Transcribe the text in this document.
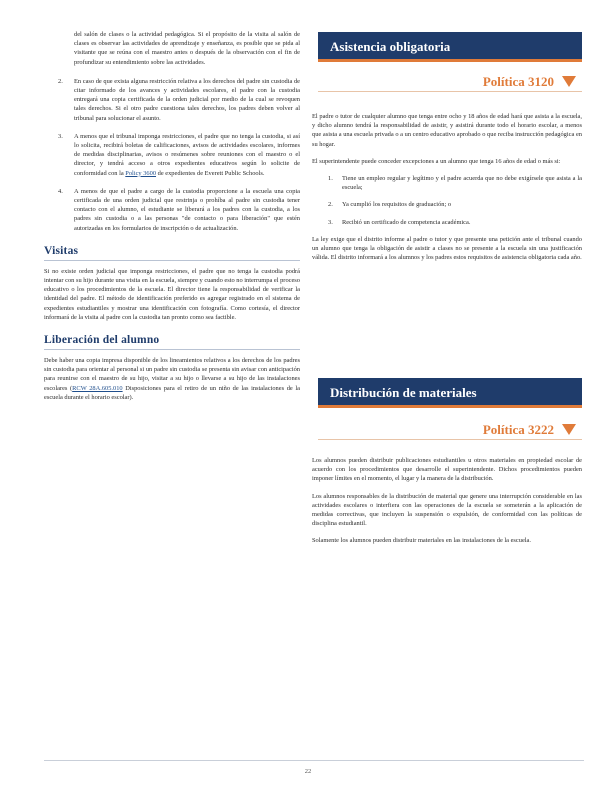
del salón de clases o la actividad pedagógica. Si el propósito de la visita al salón de clases es observar las actividades de aprendizaje y enseñanza, es posible que se pida al visitante que se reúna con el maestro antes o después de la observación con el fin de profundizar su entendimiento sobre las actividades.

2. En caso de que exista alguna restricción relativa a los derechos del padre sin custodia de citar informado de los avances y actividades escolares, el padre con la custodia entregará una copia certificada de la orden judicial por medio de la cual se revoquen tales derechos. Si el otro padre cuestiona tales derechos, los padres deben volver al tribunal para solucionar el asunto.
3. A menos que el tribunal imponga restricciones, el padre que no tenga la custodia, si así lo solicita, recibirá boletas de calificaciones, avisos de actividades escolares, informes de medidas disciplinarias, avisos o resúmenes sobre reuniones con el maestro o el director, y tendrá acceso a otros expedientes educativos según lo solicite de conformidad con la Policy 3600 de expedientes de Everett Public Schools.
4. A menos de que el padre a cargo de la custodia proporcione a la escuela una copia certificada de una orden judicial que restrinja o prohíba al padre sin custodia tener contacto con el alumno, el estudiante se liberará a los padres con la custodia, a los padres sin custodia o a las personas "de contacto o para liberación" que estén autorizadas en los formularios de inscripción o de actualización.
Visitas

Si no existe orden judicial que imponga restricciones, el padre que no tenga la custodia podrá intentar con su hijo durante una visita en la escuela, siempre y cuando esto no interrumpa el proceso educativo o los procedimientos de la escuela. El director tiene la responsabilidad de verificar la identidad del padre. El método de identificación preferido es agregar registrado en el sistema de expedientes estudiantiles y mostrar una identificación con fotografía. Como cortesía, el director informará de la visita al padre con la custodia tan pronto como sea factible.

Liberación del alumno

Debe haber una copia impresa disponible de los lineamientos relativos a los derechos de los padres sin custodia para orientar al personal si un padre sin custodia se presenta sin avisar con anticipación para reunirse con el maestro de su hijo, visitar a su hijo o llevarse a su hijo de las instalaciones escolares (RCW 28A.605.010 Disposiciones para el retiro de un niño de las instalaciones de la escuela durante el horario escolar).

Asistencia obligatoria
Política 3120

El padre o tutor de cualquier alumno que tenga entre ocho y 18 años de edad hará que asista a la escuela, y dicho alumno tendrá la responsabilidad de asistir, y asistirá durante todo el horario escolar, a menos que asista a una escuela privada o a un centro educativo aprobado o que reciba instrucción pedagógica en su hogar.

El superintendente puede conceder excepciones a un alumno que tenga 16 años de edad o más si:

1. Tiene un empleo regular y legítimo y el padre acuerda que no debe exigírsele que asista a la escuela;
2. Ya cumplió los requisitos de graduación; o
3. Recibió un certificado de competencia académica.

La ley exige que el distrito informe al padre o tutor y que presente una petición ante el tribunal cuando un alumno que tenga la obligación de asistir a clases no se presente a la escuela sin una justificación válida. El distrito informará a los alumnos y los padres estos requisitos de asistencia obligatoria cada año.

Distribución de materiales
Política 3222

Los alumnos pueden distribuir publicaciones estudiantiles u otros materiales en propiedad escolar de acuerdo con los procedimientos que desarrolle el superintendente. Dichos procedimientos pueden imponer límites en el momento, el lugar y la manera de la distribución.

Los alumnos responsables de la distribución de material que genere una interrupción considerable en las actividades escolares o interfiera con las operaciones de la escuela se someterán a la aplicación de medidas correctivas, que incluyen la suspensión o expulsión, de conformidad con las políticas de disciplina estudiantil.

Solamente los alumnos pueden distribuir materiales en las instalaciones de la escuela.

22
